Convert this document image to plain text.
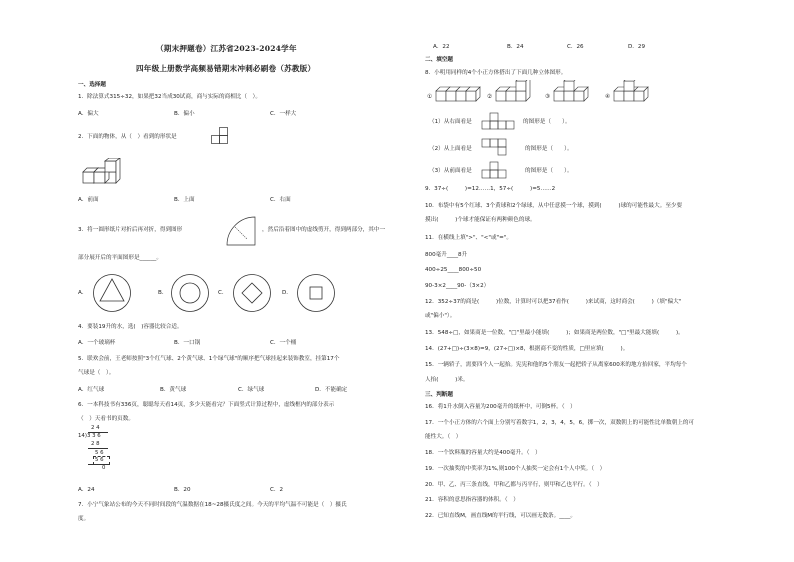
（期末押题卷）江苏省2023-2024学年
四年级上册数学高频易错期末冲刺必刷卷（苏教版）
一、选择题
1．除法算式315÷32，如果把32当成30试商，商与实际的商相比（　）。
A．偏大	B．偏小	C．一样大
2．下面的物体，从（　）看到的形状是
A．前面	B．上面	C．右面
3．将一圆形纸片对折后再对折，得到图形	，然后沿着图中的虚线剪开，得到两部分，其中一
部分展开后的平面图形是______。
A．	B．	C．	D．
4．要装19升的水，选(　)容器比较合适。
A．一个玻璃杯	B．一口锅	C．一个桶
5．联欢会前，王老师按照"3个红气球、2个黄气球、1个绿气球"的顺序把气球挂起来装饰教室，挂第17个
气球是（　）。
A．红气球	B．黄气球	C．绿气球	D．不能确定
6．一本科技书有336页，聪聪每天看14页，多少天能看完？下面竖式计算过程中，虚线框内的部分表示
（　）天看书的页数。
2 4
14)3 3 6
2 8
5 6
5 6
0
A．24	B．20	C．2
7．小宁气象站公布的今天不同时间段的气温数据在18~28摄氏度之间。今天的平均气温不可能是（　）摄氏
度。
A．22	B．24	C．26	D．29
二、填空题
8．小明用同样的4个小正方体搭出了下面几种立体图形。
①	②	③	④
（1）从右面看是	的图形是（　　）。
（2）从上面看是	的图形是（　　）。
（3）从前面看是	的图形是（　　）。
9．37÷(　　　)=12……1，57÷(　　　)=5……2
10．布袋中有5个红球、3个黄球和2个绿球，从中任意摸一个球，摸到(　　　)球的可能性最大。至少要
摸出(　　　)个球才能保证有两种颜色的球。
11．在横线上填">"、"<"或"="。
800毫升____8升
400÷25____800÷50
90-3×2____90-（3×2）
12．352÷37的商是(　　　)位数，计算时可以把37看作(　　　)来试商，这时商会(　　　)（填"偏大"
或"偏小"）。
13．548÷□，如果商是一位数，"□"里最小能填(　　　)；如果商是两位数，"□"里最大能填(　　　)。
14．(27+□)÷(3×8)=9，(27÷□)×8，根据商不变的性质，□里应填(　　　)。
15．一辆轿子，需要四个人一起抬。宪宪和他的5个朋友一起把轿子从离家600米的地方抬回家，平均每个
人抬(　　　)米。
三、判断题
16．将1升水倒入容量为200毫升的纸杯中，可倒5杯。（　）
17．一个小正方体的六个面上分别写着数字1，2，3，4，5，6，掷一次，双数朝上的可能性比单数朝上的可
能性大。（　）
18．一个饮料瓶的容量大约是400毫升。（　）
19．一次抽奖的中奖率为1%,则100个人抽奖一定会有1个人中奖。（　）
20．甲、乙、丙三条直线，甲和乙都与丙平行，则甲和乙也平行。（　）
21．容积的意思指容器的体积。（　）
22．已知直线M，画直线M的平行线，可以画无数条。____。
